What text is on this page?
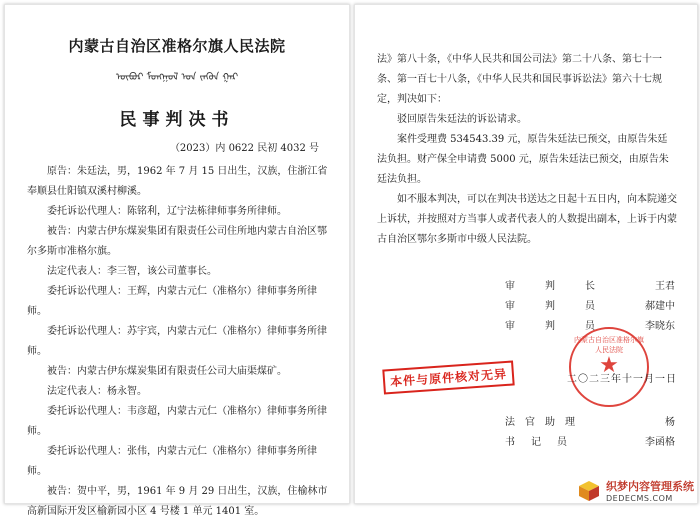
内蒙古自治区准格尔旗人民法院
ᠥᠪᠦᠷ ᠮᠣᠩᠭᠣᠯ ᠤᠨ ᠵᠡᠭᠦᠨ ᠭᠠᠷ
民事判决书
（2023）内 0622 民初 4032 号

原告：朱廷法，男，1962 年 7 月 15 日出生，汉族，住浙江省奉顺县仕阳镇双溪村柳溪。

委托诉讼代理人：陈铭利，辽宁法栋律师事务所律师。

被告：内蒙古伊东煤炭集团有限责任公司住所地内蒙古自治区鄂尔多斯市准格尔旗。

法定代表人：李三智，该公司董事长。

委托诉讼代理人：王辉，内蒙古元仁（准格尔）律师事务所律师。

委托诉讼代理人：苏宇宾，内蒙古元仁（准格尔）律师事务所律师。

被告：内蒙古伊东煤炭集团有限责任公司大庙渠煤矿。

法定代表人：杨永智。

委托诉讼代理人：韦彦超，内蒙古元仁（准格尔）律师事务所律师。

委托诉讼代理人：张伟，内蒙古元仁（准格尔）律师事务所律师。

被告：贺中平，男，1961 年 9 月 29 日出生，汉族，住榆林市高新国际开发区榆新园小区 4 号楼 1 单元 1401 室。

法》第八十条，《中华人民共和国公司法》第二十八条、第七十一条、第一百七十八条，《中华人民共和国民事诉讼法》第六十七规定，判决如下：

驳回原告朱廷法的诉讼请求。

案件受理费 534543.39 元，原告朱廷法已预交，由原告朱廷法负担。财产保全申请费 5000 元，原告朱廷法已预交，由原告朱廷法负担。

如不服本判决，可以在判决书送达之日起十五日内，向本院递交上诉状，并按照对方当事人或者代表人的人数提出副本，上诉于内蒙古自治区鄂尔多斯市中级人民法院。

审判长	王君
审判员 郝建中
审判员 李晓东
内蒙古自治区准格尔旗人民法院
★
二〇二三年十一月一日
本件与原件核对无异
法官助理	杨
书记员	李函格
织梦内容管理系统
DEDECMS.COM
